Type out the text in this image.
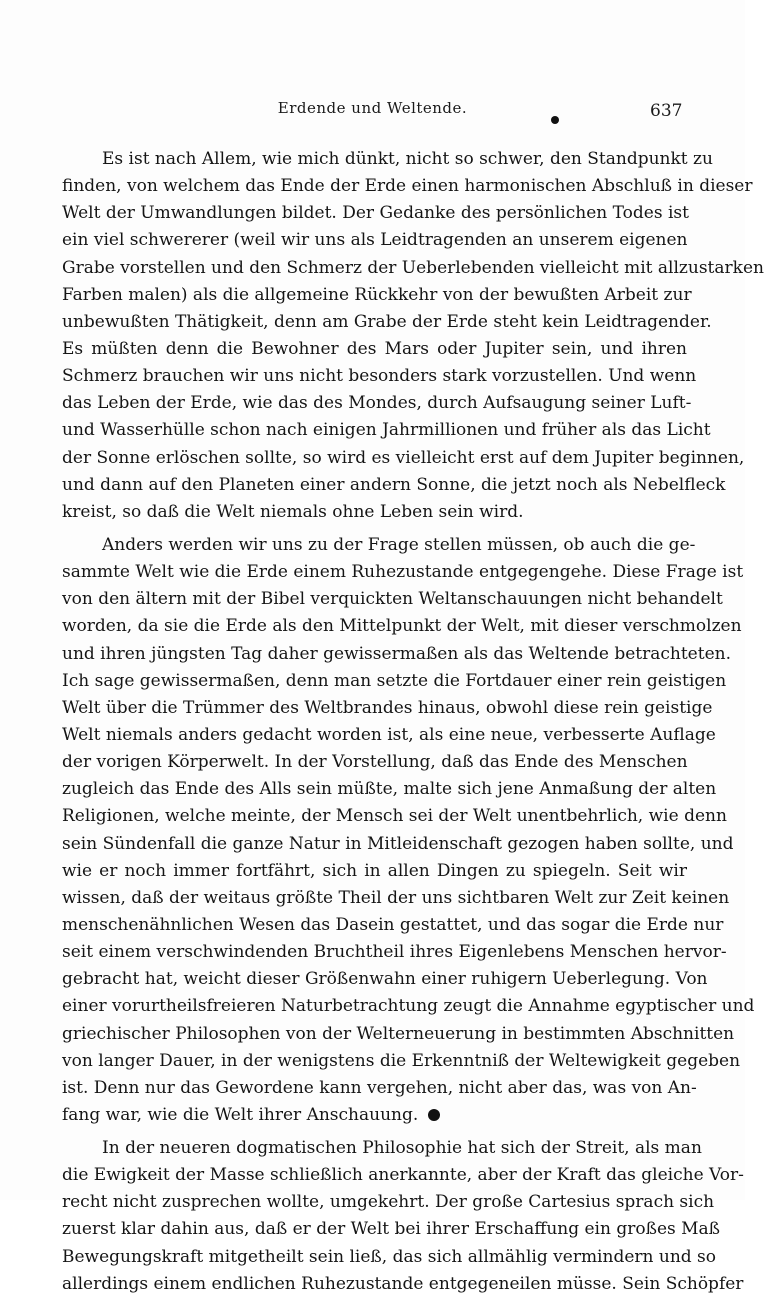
Erdende und Weltende.	637
Es ist nach Allem, wie mich dünkt, nicht so schwer, den Standpunkt zu
finden, von welchem das Ende der Erde einen harmonischen Abschluß in dieser
Welt der Umwandlungen bildet. Der Gedanke des persönlichen Todes ist
ein viel schwererer (weil wir uns als Leidtragenden an unserem eigenen
Grabe vorstellen und den Schmerz der Ueberlebenden vielleicht mit allzustarken
Farben malen) als die allgemeine Rückkehr von der bewußten Arbeit zur
unbewußten Thätigkeit, denn am Grabe der Erde steht kein Leidtragender.
Es müßten denn die Bewohner des Mars oder Jupiter sein, und ihren
Schmerz brauchen wir uns nicht besonders stark vorzustellen. Und wenn
das Leben der Erde, wie das des Mondes, durch Aufsaugung seiner Luft-
und Wasserhülle schon nach einigen Jahrmillionen und früher als das Licht
der Sonne erlöschen sollte, so wird es vielleicht erst auf dem Jupiter beginnen,
und dann auf den Planeten einer andern Sonne, die jetzt noch als Nebelfleck
kreist, so daß die Welt niemals ohne Leben sein wird.
Anders werden wir uns zu der Frage stellen müssen, ob auch die ge-
sammte Welt wie die Erde einem Ruhezustande entgegengehe. Diese Frage ist
von den ältern mit der Bibel verquickten Weltanschauungen nicht behandelt
worden, da sie die Erde als den Mittelpunkt der Welt, mit dieser verschmolzen
und ihren jüngsten Tag daher gewissermaßen als das Weltende betrachteten.
Ich sage gewissermaßen, denn man setzte die Fortdauer einer rein geistigen
Welt über die Trümmer des Weltbrandes hinaus, obwohl diese rein geistige
Welt niemals anders gedacht worden ist, als eine neue, verbesserte Auflage
der vorigen Körperwelt. In der Vorstellung, daß das Ende des Menschen
zugleich das Ende des Alls sein müßte, malte sich jene Anmaßung der alten
Religionen, welche meinte, der Mensch sei der Welt unentbehrlich, wie denn
sein Sündenfall die ganze Natur in Mitleidenschaft gezogen haben sollte, und
wie er noch immer fortfährt, sich in allen Dingen zu spiegeln. Seit wir
wissen, daß der weitaus größte Theil der uns sichtbaren Welt zur Zeit keinen
menschenähnlichen Wesen das Dasein gestattet, und das sogar die Erde nur
seit einem verschwindenden Bruchtheil ihres Eigenlebens Menschen hervor-
gebracht hat, weicht dieser Größenwahn einer ruhigern Ueberlegung. Von
einer vorurtheilsfreieren Naturbetrachtung zeugt die Annahme egyptischer und
griechischer Philosophen von der Welterneuerung in bestimmten Abschnitten
von langer Dauer, in der wenigstens die Erkenntniß der Weltewigkeit gegeben
ist. Denn nur das Gewordene kann vergehen, nicht aber das, was von An-
fang war, wie die Welt ihrer Anschauung.
In der neueren dogmatischen Philosophie hat sich der Streit, als man
die Ewigkeit der Masse schließlich anerkannte, aber der Kraft das gleiche Vor-
recht nicht zusprechen wollte, umgekehrt. Der große Cartesius sprach sich
zuerst klar dahin aus, daß er der Welt bei ihrer Erschaffung ein großes Maß
Bewegungskraft mitgetheilt sein ließ, das sich allmählig vermindern und so
allerdings einem endlichen Ruhezustande entgegeneilen müsse. Sein Schöpfer
